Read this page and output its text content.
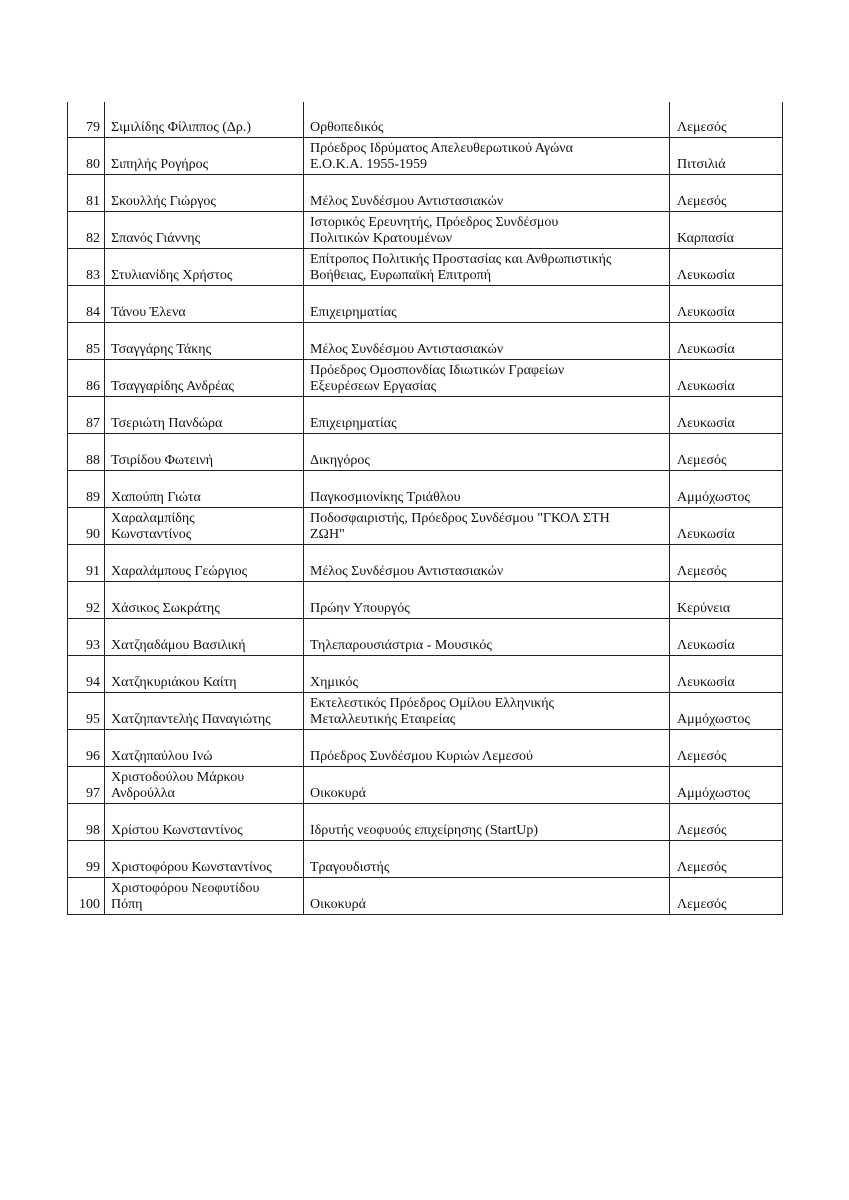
79	Σιμιλίδης Φίλιππος (Δρ.)	Ορθοπεδικός	Λεμεσός
80	Σιπηλής Ρογήρος	Πρόεδρος Ιδρύματος Απελευθερωτικού Αγώνα
Ε.Ο.Κ.Α. 1955-1959	Πιτσιλιά
81	Σκουλλής Γιώργος	Μέλος Συνδέσμου Αντιστασιακών	Λεμεσός
82	Σπανός Γιάννης	Ιστορικός Ερευνητής, Πρόεδρος Συνδέσμου
Πολιτικών Κρατουμένων	Καρπασία
83	Στυλιανίδης Χρήστος	Επίτροπος Πολιτικής Προστασίας και Ανθρωπιστικής
Βοήθειας, Ευρωπαϊκή Επιτροπή	Λευκωσία
84	Τάνου Έλενα	Επιχειρηματίας	Λευκωσία
85	Τσαγγάρης Τάκης	Μέλος Συνδέσμου Αντιστασιακών	Λευκωσία
86	Τσαγγαρίδης Ανδρέας	Πρόεδρος Ομοσπονδίας Ιδιωτικών Γραφείων
Εξευρέσεων Εργασίας	Λευκωσία
87	Τσεριώτη Πανδώρα	Επιχειρηματίας	Λευκωσία
88	Τσιρίδου Φωτεινή	Δικηγόρος	Λεμεσός
89	Χαπούπη Γιώτα	Παγκοσμιονίκης Τριάθλου	Αμμόχωστος
90	Χαραλαμπίδης
Κωνσταντίνος	Ποδοσφαιριστής, Πρόεδρος Συνδέσμου "ΓΚΟΛ ΣΤΗ
ΖΩΗ"	Λευκωσία
91	Χαραλάμπους Γεώργιος	Μέλος Συνδέσμου Αντιστασιακών	Λεμεσός
92	Χάσικος Σωκράτης	Πρώην Υπουργός	Κερύνεια
93	Χατζηαδάμου Βασιλική	Τηλεπαρουσιάστρια - Μουσικός	Λευκωσία
94	Χατζηκυριάκου Καίτη	Χημικός	Λευκωσία
95	Χατζηπαντελής Παναγιώτης	Εκτελεστικός Πρόεδρος Ομίλου Ελληνικής
Μεταλλευτικής Εταιρείας	Αμμόχωστος
96	Χατζηπαύλου Ινώ	Πρόεδρος Συνδέσμου Κυριών Λεμεσού	Λεμεσός
97	Χριστοδούλου Μάρκου
Ανδρούλλα	Οικοκυρά	Αμμόχωστος
98	Χρίστου Κωνσταντίνος	Ιδρυτής νεοφυούς επιχείρησης (StartUp)	Λεμεσός
99	Χριστοφόρου Κωνσταντίνος	Τραγουδιστής	Λεμεσός
100	Χριστοφόρου Νεοφυτίδου
Πόπη	Οικοκυρά	Λεμεσός
